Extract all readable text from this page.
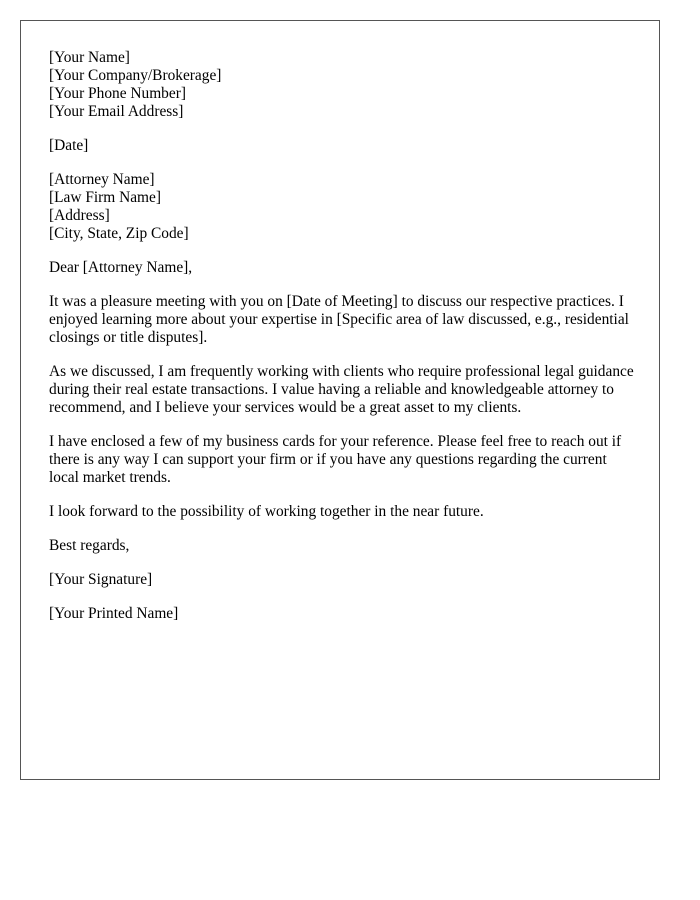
[Your Name]
[Your Company/Brokerage]
[Your Phone Number]
[Your Email Address]
[Date]
[Attorney Name]
[Law Firm Name]
[Address]
[City, State, Zip Code]

Dear [Attorney Name],

It was a pleasure meeting with you on [Date of Meeting] to discuss our respective practices. I enjoyed learning more about your expertise in [Specific area of law discussed, e.g., residential closings or title disputes].

As we discussed, I am frequently working with clients who require professional legal guidance during their real estate transactions. I value having a reliable and knowledgeable attorney to recommend, and I believe your services would be a great asset to my clients.

I have enclosed a few of my business cards for your reference. Please feel free to reach out if there is any way I can support your firm or if you have any questions regarding the current local market trends.

I look forward to the possibility of working together in the near future.

Best regards,

[Your Signature]

[Your Printed Name]
